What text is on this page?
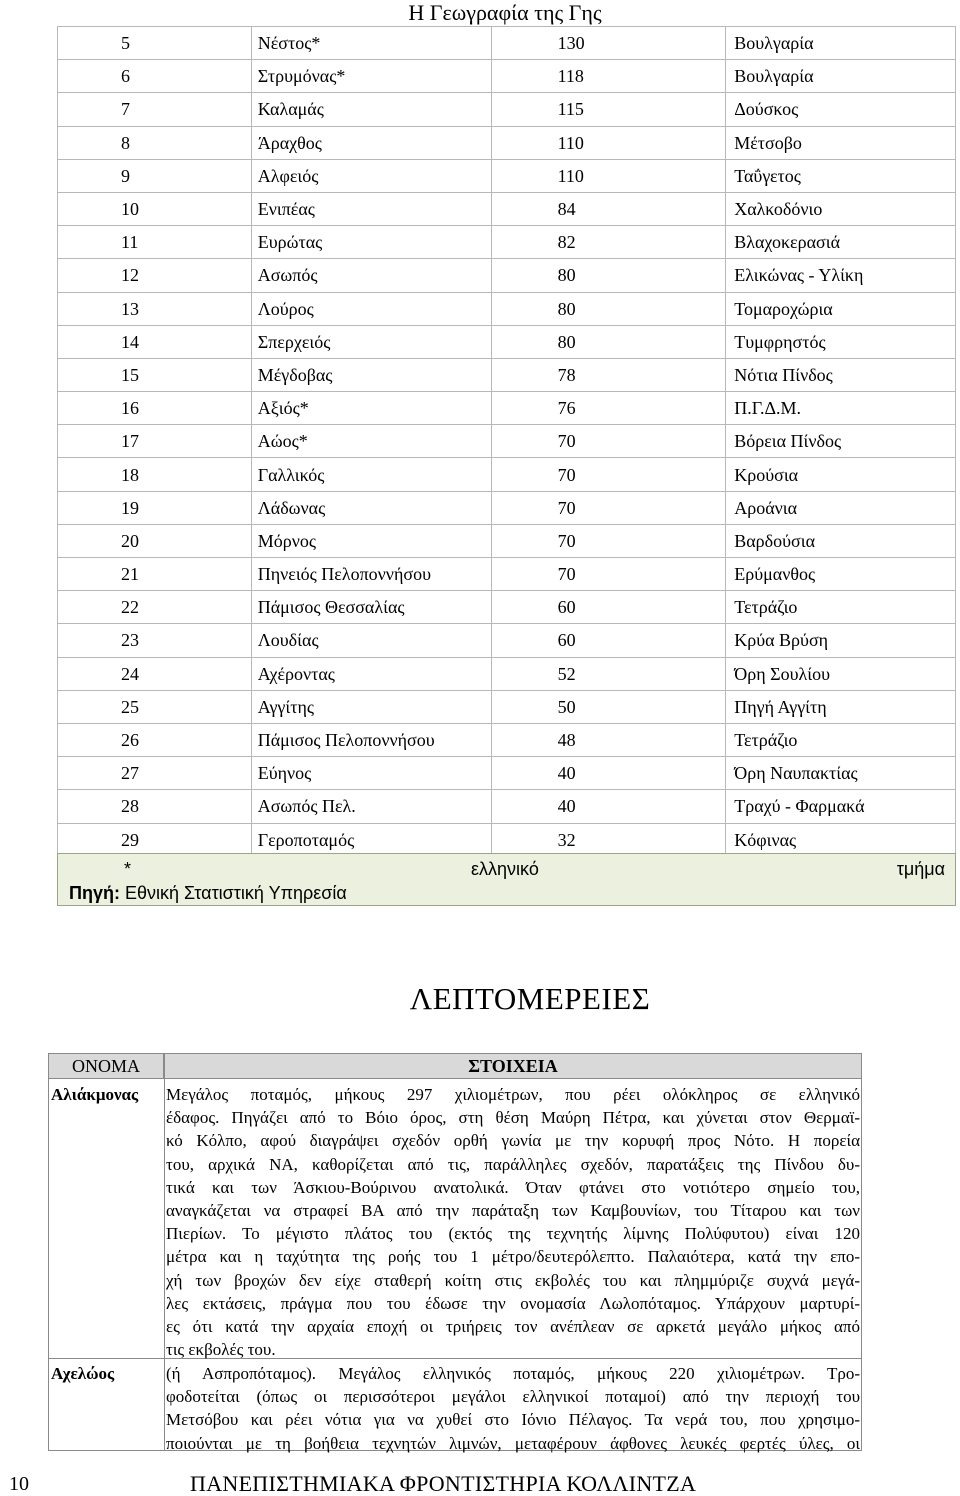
Η Γεωγραφία της Γης
5	Νέστος*	130	Βουλγαρία
6	Στρυμόνας*	118	Βουλγαρία
7	Καλαμάς	115	Δούσκος
8	Άραχθος	110	Μέτσοβο
9	Αλφειός	110	Ταΰγετος
10	Ενιπέας	84	Χαλκοδόνιο
11	Ευρώτας	82	Βλαχοκερασιά
12	Ασωπός	80	Ελικώνας - Υλίκη
13	Λούρος	80	Τομαροχώρια
14	Σπερχειός	80	Τυμφρηστός
15	Μέγδοβας	78	Νότια Πίνδος
16	Αξιός*	76	Π.Γ.Δ.Μ.
17	Αώος*	70	Βόρεια Πίνδος
18	Γαλλικός	70	Κρούσια
19	Λάδωνας	70	Αροάνια
20	Μόρνος	70	Βαρδούσια
21	Πηνειός Πελοποννήσου	70	Ερύμανθος
22	Πάμισος Θεσσαλίας	60	Τετράζιο
23	Λουδίας	60	Κρύα Βρύση
24	Αχέροντας	52	Όρη Σουλίου
25	Αγγίτης	50	Πηγή Αγγίτη
26	Πάμισος Πελοποννήσου	48	Τετράζιο
27	Εύηνος	40	Όρη Ναυπακτίας
28	Ασωπός Πελ.	40	Τραχύ - Φαρμακά
29	Γεροποταμός	32	Κόφινας
*	ελληνικό	τμήμα
Πηγή: Εθνική Στατιστική Υπηρεσία
ΛΕΠΤΟΜΕΡΕΙΕΣ
ΟΝΟΜΑ	ΣΤΟΙΧΕΙΑ
Αλιάκμονας Μεγάλος ποταμός, μήκους 297 χιλιομέτρων, που ρέει ολόκληρος σε ελληνικό
έδαφος. Πηγάζει από το Βόιο όρος, στη θέση Μαύρη Πέτρα, και χύνεται στον Θερμαϊ-
κό Κόλπο, αφού διαγράψει σχεδόν ορθή γωνία με την κορυφή προς Νότο. Η πορεία
του, αρχικά ΝΑ, καθορίζεται από τις, παράλληλες σχεδόν, παρατάξεις της Πίνδου δυ-
τικά και των Άσκιου-Βούρινου ανατολικά. Όταν φτάνει στο νοτιότερο σημείο του,
αναγκάζεται να στραφεί ΒΑ από την παράταξη των Καμβουνίων, του Τίταρου και των
Πιερίων. Το μέγιστο πλάτος του (εκτός της τεχνητής λίμνης Πολύφυτου) είναι 120
μέτρα και η ταχύτητα της ροής του 1 μέτρο/δευτερόλεπτο. Παλαιότερα, κατά την επο-
χή των βροχών δεν είχε σταθερή κοίτη στις εκβολές του και πλημμύριζε συχνά μεγά-
λες εκτάσεις, πράγμα που του έδωσε την ονομασία Λωλοπόταμος. Υπάρχουν μαρτυρί-
ες ότι κατά την αρχαία εποχή οι τριήρεις τον ανέπλεαν σε αρκετά μεγάλο μήκος από
τις εκβολές του.
Αχελώος	(ή Ασπροπόταμος). Μεγάλος ελληνικός ποταμός, μήκους 220 χιλιομέτρων. Τρο-
φοδοτείται (όπως οι περισσότεροι μεγάλοι ελληνικοί ποταμοί) από την περιοχή του
Μετσόβου και ρέει νότια για να χυθεί στο Ιόνιο Πέλαγος. Τα νερά του, που χρησιμο-
ποιούνται με τη βοήθεια τεχνητών λιμνών, μεταφέρουν άφθονες λευκές φερτές ύλες, οι
10	ΠΑΝΕΠΙΣΤΗΜΙΑΚΑ ΦΡΟΝΤΙΣΤΗΡΙΑ ΚΟΛΛΙΝΤΖΑ
